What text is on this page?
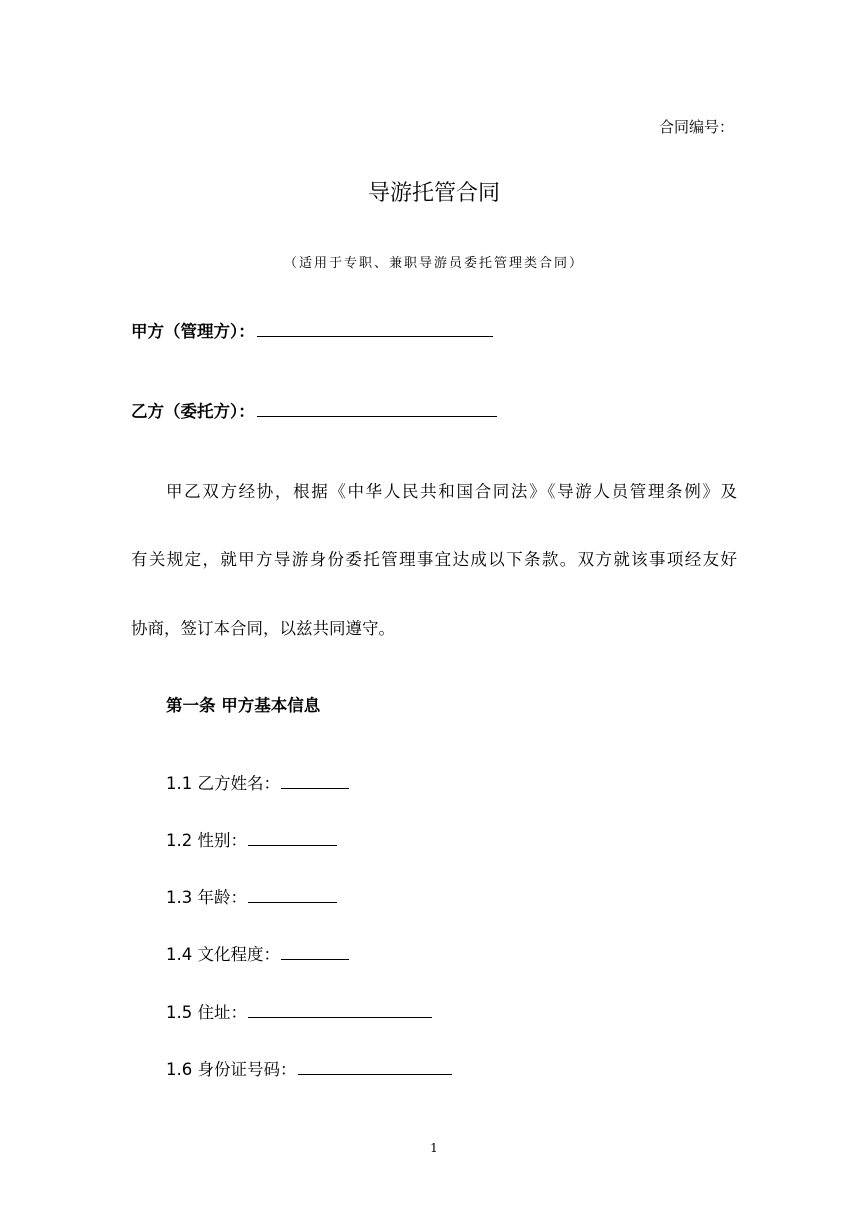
合同编号：
导游托管合同
（适用于专职、兼职导游员委托管理类合同）
甲方（管理方）：
乙方（委托方）：
甲乙双方经协，根据《中华人民共和国合同法》《导游人员管理条例》及
有关规定，就甲方导游身份委托管理事宜达成以下条款。双方就该事项经友好
协商，签订本合同，以兹共同遵守。
第一条 甲方基本信息
1.1 乙方姓名：
1.2 性别：
1.3 年龄：
1.4 文化程度：
1.5 住址：
1.6 身份证号码：
1
